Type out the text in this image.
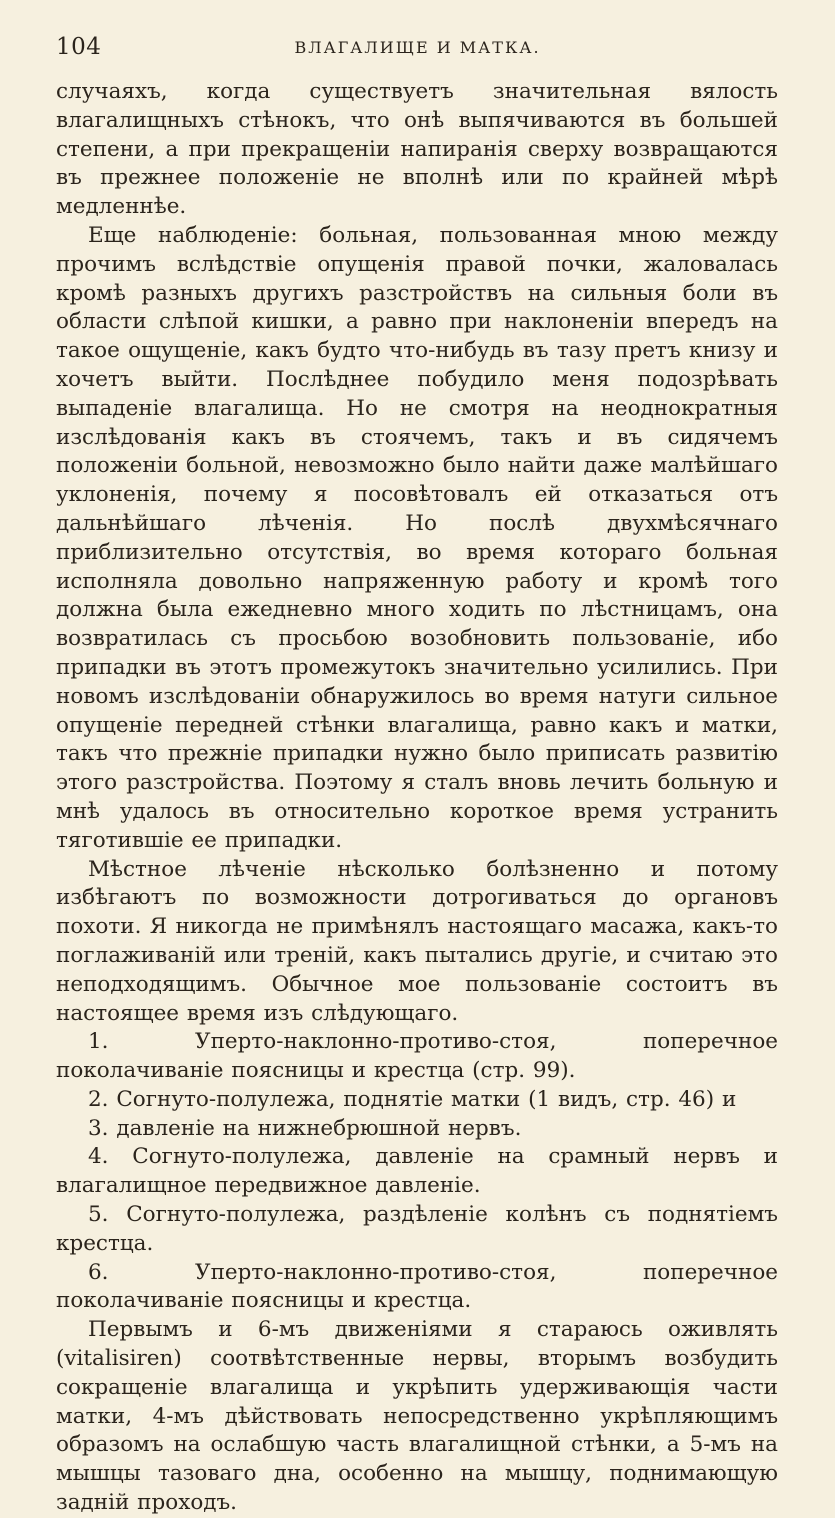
104	ВЛАГАЛИЩЕ И МАТКА.

случаяхъ, когда существуетъ значительная вялость влагалищныхъ стѣнокъ, что онѣ выпячиваются въ большей степени, а при прекращеніи напиранія сверху возвращаются въ прежнее положеніе не вполнѣ или по крайней мѣрѣ медленнѣе.

Еще наблюденіе: больная, пользованная мною между прочимъ вслѣдствіе опущенія правой почки, жаловалась кромѣ разныхъ другихъ разстройствъ на сильныя боли въ области слѣпой кишки, а равно при наклоненіи впередъ на такое ощущеніе, какъ будто что-нибудь въ тазу претъ книзу и хочетъ выйти. Послѣднее побудило меня подозрѣвать выпаденіе влагалища. Но не смотря на неоднократныя изслѣдованія какъ въ стоячемъ, такъ и въ сидячемъ положеніи больной, невозможно было найти даже малѣйшаго уклоненія, почему я посовѣтовалъ ей отказаться отъ дальнѣйшаго лѣченія. Но послѣ двухмѣсячнаго приблизительно отсутствія, во время котораго больная исполняла довольно напряженную работу и кромѣ того должна была ежедневно много ходить по лѣстницамъ, она возвратилась съ просьбою возобновить пользованіе, ибо припадки въ этотъ промежутокъ значительно усилились. При новомъ изслѣдованіи обнаружилось во время натуги сильное опущеніе передней стѣнки влагалища, равно какъ и матки, такъ что прежніе припадки нужно было приписать развитію этого разстройства. Поэтому я сталъ вновь лечить больную и мнѣ удалось въ относительно короткое время устранить тяготившіе ее припадки.

Мѣстное лѣченіе нѣсколько болѣзненно и потому избѣгаютъ по возможности дотрогиваться до органовъ похоти. Я никогда не примѣнялъ настоящаго масажа, какъ-то поглаживаній или треній, какъ пытались другіе, и считаю это неподходящимъ. Обычное мое пользованіе состоитъ въ настоящее время изъ слѣдующаго.

1. Уперто-наклонно-противо-стоя, поперечное поколачиваніе поясницы и крестца (стр. 99).

2. Согнуто-полулежа, поднятіе матки (1 видъ, стр. 46) и

3. давленіе на нижнебрюшной нервъ.

4. Согнуто-полулежа, давленіе на срамный нервъ и влагалищное передвижное давленіе.

5. Согнуто-полулежа, раздѣленіе колѣнъ съ поднятіемъ крестца.

6. Уперто-наклонно-противо-стоя, поперечное поколачиваніе поясницы и крестца.

Первымъ и 6-мъ движеніями я стараюсь оживлять (vitalisiren) соотвѣтственные нервы, вторымъ возбудить сокращеніе влагалища и укрѣпить удерживающія части матки, 4-мъ дѣйствовать непосредственно укрѣпляющимъ образомъ на ослабшую часть влагалищной стѣнки, а 5-мъ на мышцы тазоваго дна, особенно на мышцу, поднимающую задній проходъ.
